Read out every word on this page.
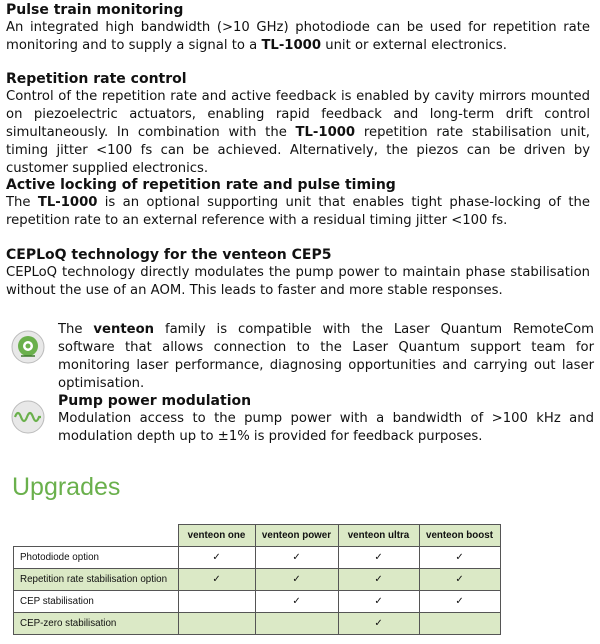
Pulse train monitoring
An integrated high bandwidth (>10 GHz) photodiode can be used for repetition rate monitoring and to supply a signal to a TL-1000 unit or external electronics.
Repetition rate control
Control of the repetition rate and active feedback is enabled by cavity mirrors mounted on piezoelectric actuators, enabling rapid feedback and long-term drift control simultaneously. In combination with the TL-1000 repetition rate stabilisation unit, timing jitter <100 fs can be achieved. Alternatively, the piezos can be driven by customer supplied electronics.
Active locking of repetition rate and pulse timing
The TL-1000 is an optional supporting unit that enables tight phase-locking of the repetition rate to an external reference with a residual timing jitter <100 fs.
CEPLoQ technology for the venteon CEP5
CEPLoQ technology directly modulates the pump power to maintain phase stabilisation without the use of an AOM. This leads to faster and more stable responses.
The venteon family is compatible with the Laser Quantum RemoteCom software that allows connection to the Laser Quantum support team for monitoring laser performance, diagnosing opportunities and carrying out laser optimisation.
Pump power modulation
Modulation access to the pump power with a bandwidth of >100 kHz and modulation depth up to ±1% is provided for feedback purposes.
Upgrades
	venteon one	venteon power	venteon ultra	venteon boost
Photodiode option	✓	✓	✓	✓
Repetition rate stabilisation option	✓	✓	✓	✓
CEP stabilisation		✓	✓	✓
CEP-zero stabilisation			✓	
